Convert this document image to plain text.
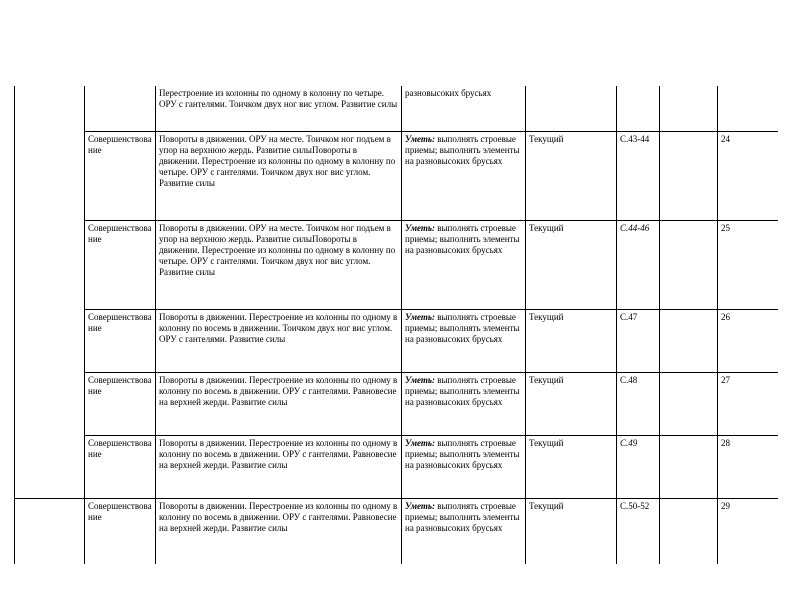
		Перестроение из колонны по одному в колонну по четыре. ОРУ с гантелями. Тоичком двух ног вис углом. Развитие силы	разновысоких брусьях				
	Совершенствование	Повороты в движении. ОРУ на месте. Тоичком ног подъем в упор на верхнюю жердь. Развитие силыПовороты в движении. Перестроение из колонны по одному в колонну по четыре. ОРУ с гантелями. Тоичком двух ног вис углом. Развитие силы	Уметь: выполнять строевые приемы; выполнять элементы на разновысоких брусьях	Текущий	С.43-44		24
	Совершенствование	Повороты в движении. ОРУ на месте. Тоичком ног подъем в упор на верхнюю жердь. Развитие силыПовороты в движении. Перестроение из колонны по одному в колонну по четыре. ОРУ с гантелями. Тоичком двух ног вис углом. Развитие силы	Уметь: выполнять строевые приемы; выполнять элементы на разновысоких брусьях	Текущий	С.44-46		25
	Совершенствование	Повороты в движении. Перестроение из колонны по одному в колонну по восемь в движении. Тоичком двух ног вис углом. ОРУ с гантелями. Развитие силы	Уметь: выполнять строевые приемы; выполнять элементы на разновысоких брусьях	Текущий	С.47		26
	Совершенствование	Повороты в движении. Перестроение из колонны по одному в колонну по восемь в движении. ОРУ с гантелями. Равновесие на верхней жерди. Развитие силы	Уметь: выполнять строевые приемы; выполнять элементы на разновысоких брусьях	Текущий	С.48		27
	Совершенствование	Повороты в движении. Перестроение из колонны по одному в колонну по восемь в движении. ОРУ с гантелями. Равновесие на верхней жерди. Развитие силы	Уметь: выполнять строевые приемы; выполнять элементы на разновысоких брусьях	Текущий	С.49		28
	Совершенствование	Повороты в движении. Перестроение из колонны по одному в колонну по восемь в движении. ОРУ с гантелями. Равновесие на верхней жерди. Развитие силы	Уметь: выполнять строевые приемы; выполнять элементы на разновысоких брусьях	Текущий	С.50-52		29
